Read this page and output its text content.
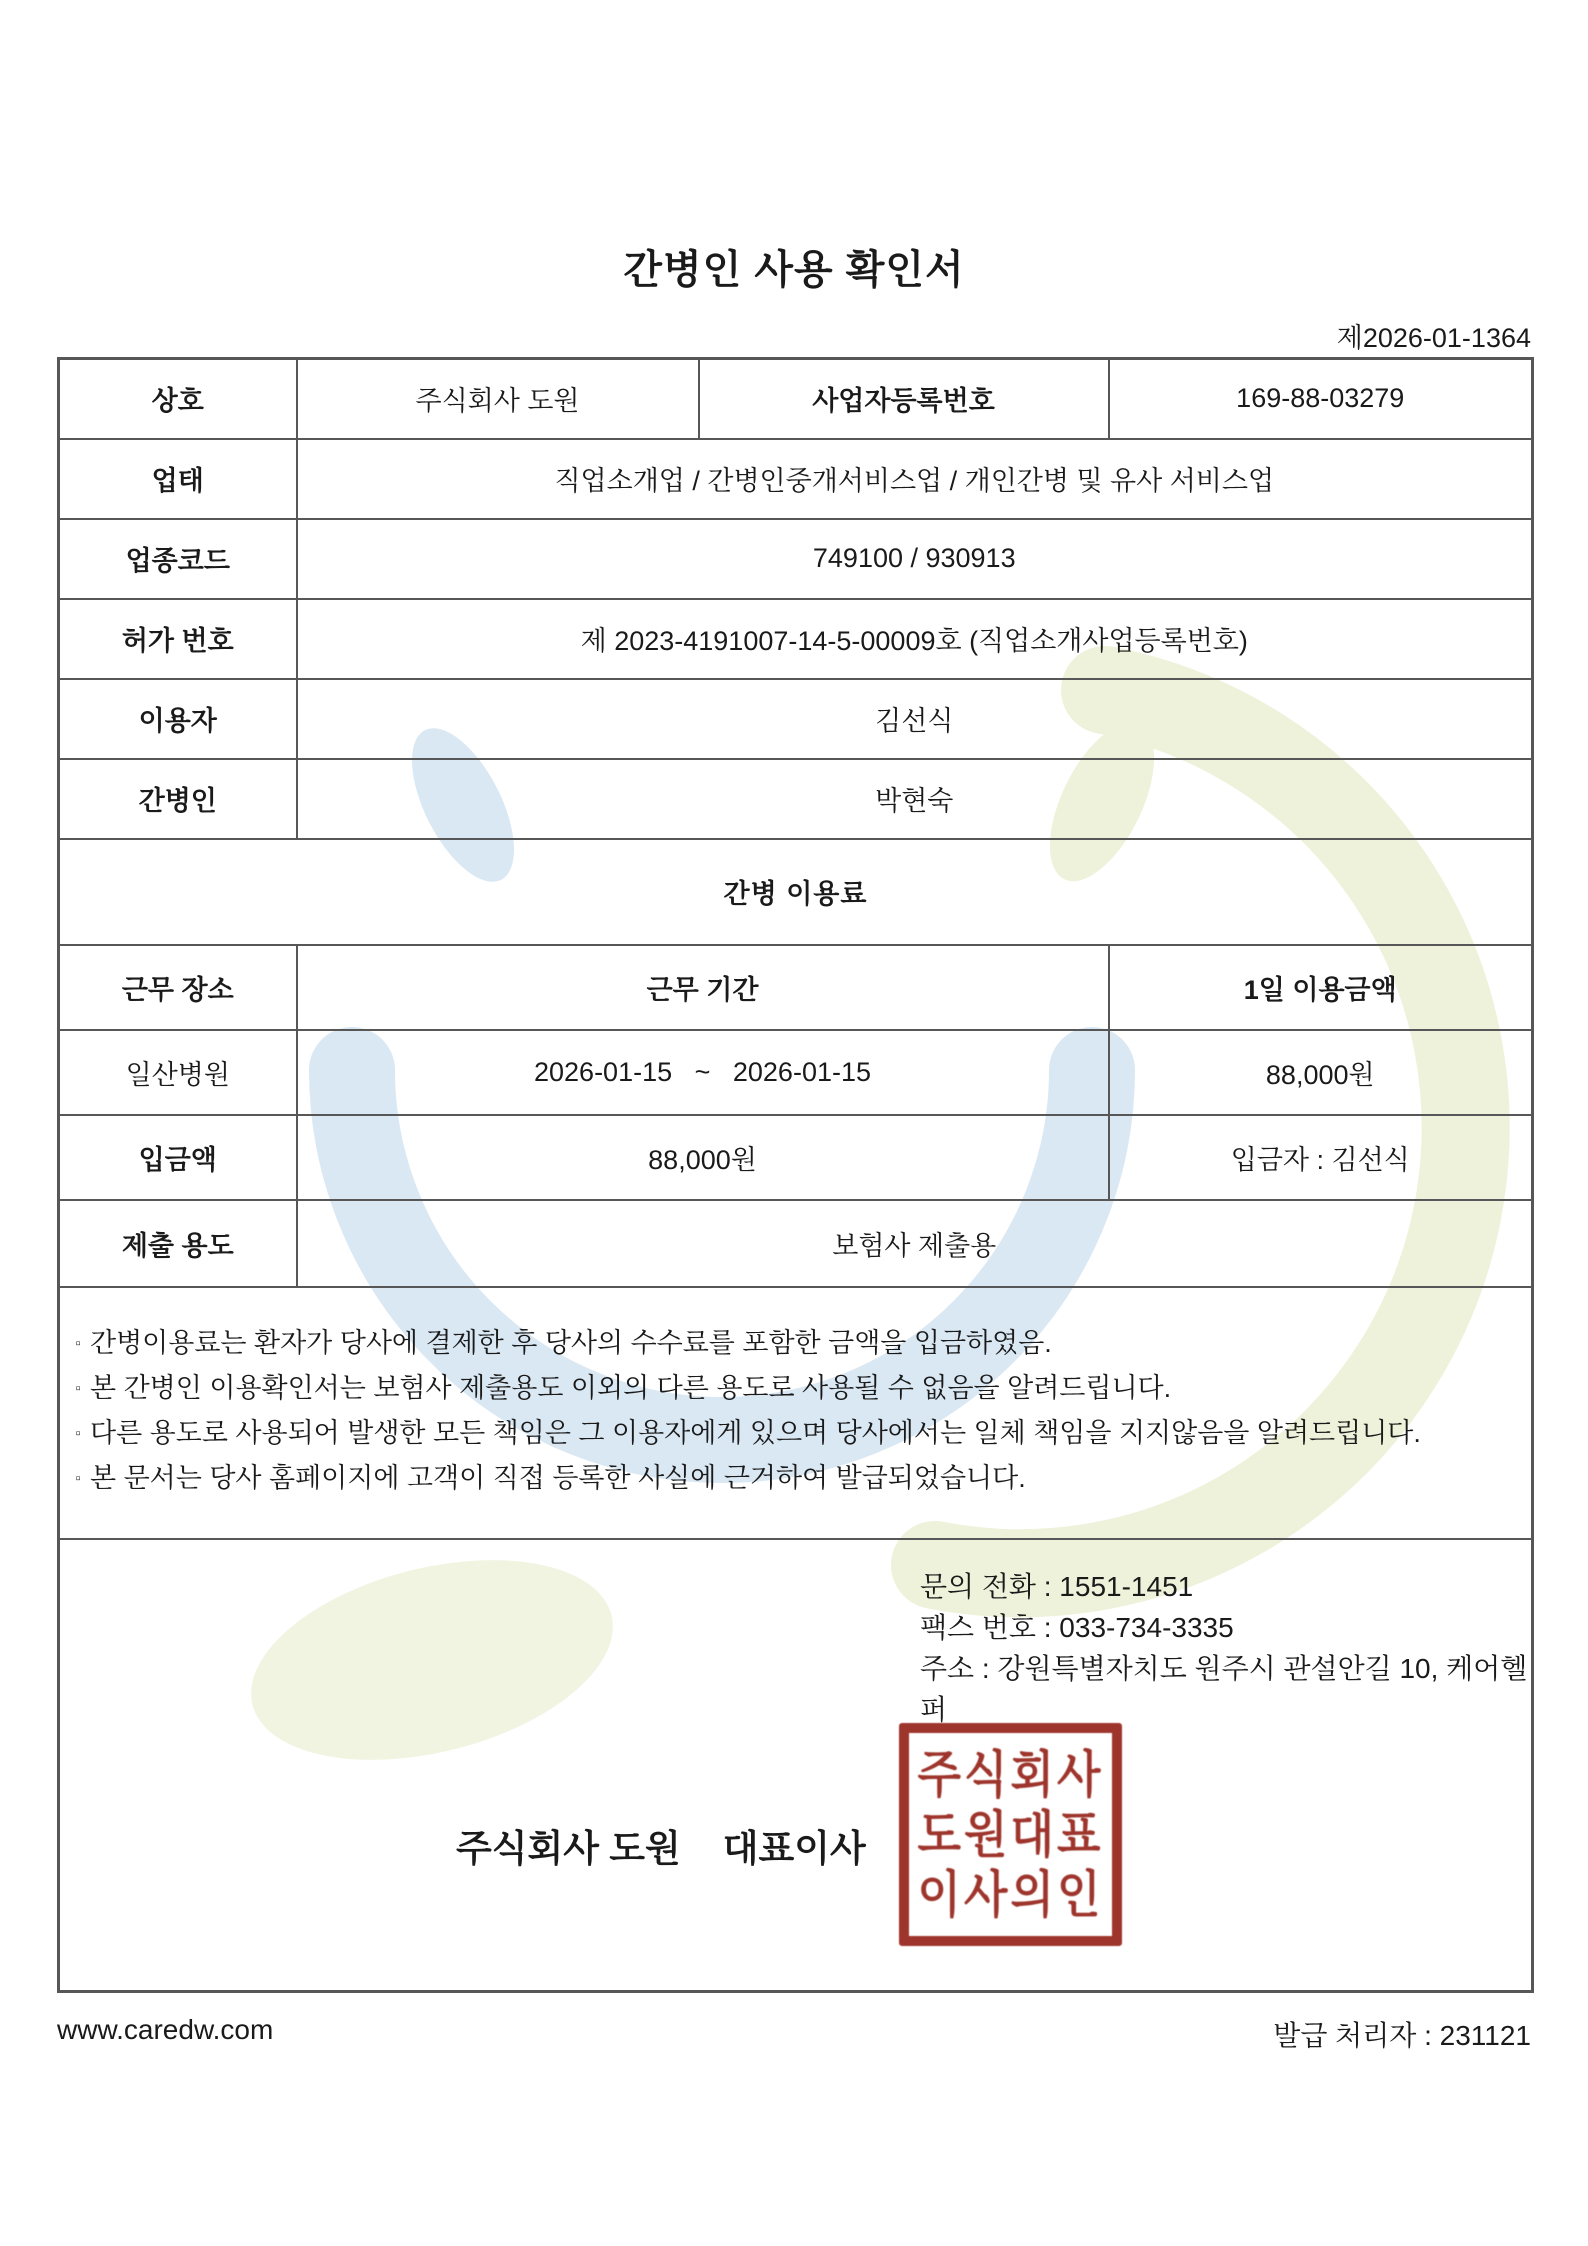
간병인 사용 확인서
제2026-01-1364
상호	주식회사 도원	사업자등록번호	169-88-03279
업태	직업소개업 / 간병인중개서비스업 / 개인간병 및 유사 서비스업		
업종코드	749100 / 930913		
허가 번호	제 2023-4191007-14-5-00009호 (직업소개사업등록번호)		
이용자	김선식		
간병인	박현숙		
간병 이용료			
근무 장소	근무 기간		1일 이용금액
일산병원	2026-01-15   ~   2026-01-15		88,000원
입금액	88,000원		입금자 : 김선식
제출 용도	보험사 제출용		

▫ 간병이용료는 환자가 당사에 결제한 후 당사의 수수료를 포함한 금액을 입금하였음.
▫ 본 간병인 이용확인서는 보험사 제출용도 이외의 다른 용도로 사용될 수 없음을 알려드립니다.
▫ 다른 용도로 사용되어 발생한 모든 책임은 그 이용자에게 있으며 당사에서는 일체 책임을 지지않음을 알려드립니다.
▫ 본 문서는 당사 홈페이지에 고객이 직접 등록한 사실에 근거하여 발급되었습니다.

문의 전화 : 1551-1451
팩스 번호 : 033-734-3335
주소 : 강원특별자치도 원주시 관설안길 10, 케어헬퍼
주식회사 도원 대표이사
주식회사
도원대표
이사의인
www.caredw.com	발급 처리자 : 231121
